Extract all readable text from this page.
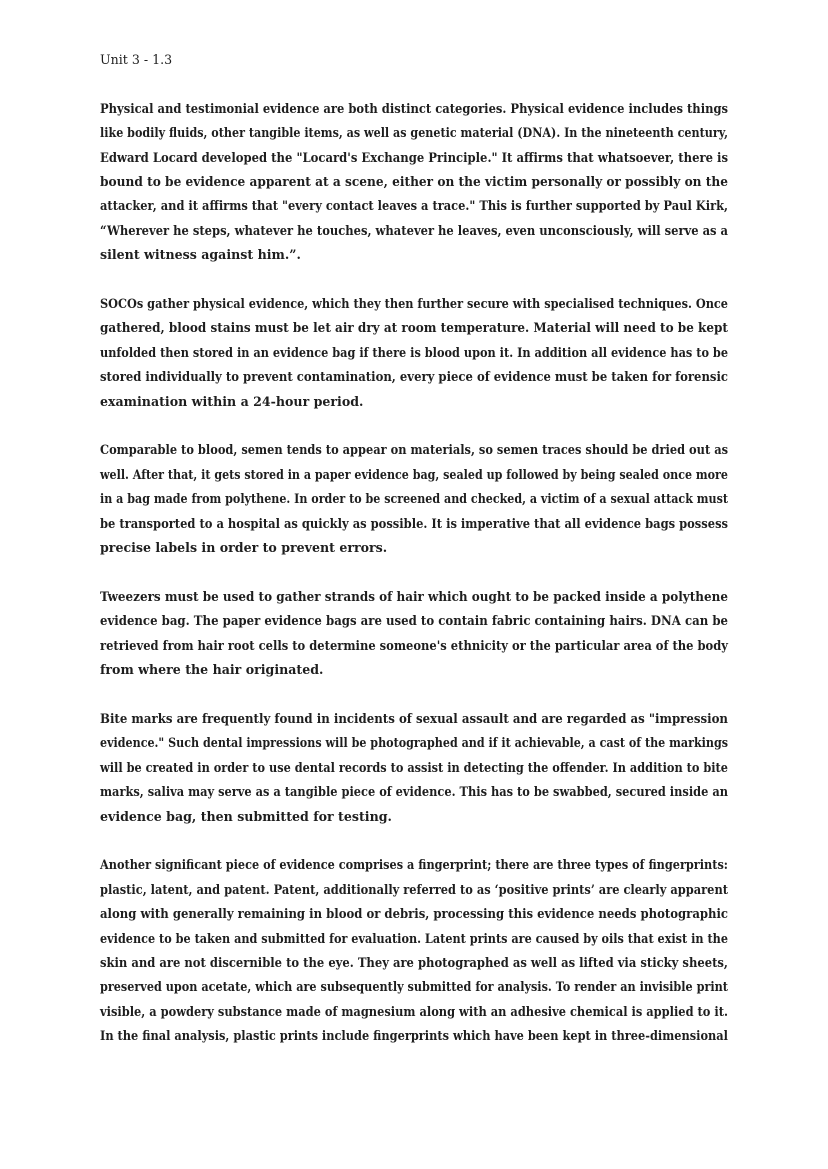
Unit 3 - 1.3
Physical and testimonial evidence are both distinct categories. Physical evidence includes things
like bodily fluids, other tangible items, as well as genetic material (DNA). In the nineteenth century,
Edward Locard developed the "Locard's Exchange Principle." It affirms that whatsoever, there is
bound to be evidence apparent at a scene, either on the victim personally or possibly on the
attacker, and it affirms that "every contact leaves a trace." This is further supported by Paul Kirk,
“Wherever he steps, whatever he touches, whatever he leaves, even unconsciously, will serve as a
silent witness against him.”.
SOCOs gather physical evidence, which they then further secure with specialised techniques. Once
gathered, blood stains must be let air dry at room temperature. Material will need to be kept
unfolded then stored in an evidence bag if there is blood upon it. In addition all evidence has to be
stored individually to prevent contamination, every piece of evidence must be taken for forensic
examination within a 24-hour period.
Comparable to blood, semen tends to appear on materials, so semen traces should be dried out as
well. After that, it gets stored in a paper evidence bag, sealed up followed by being sealed once more
in a bag made from polythene. In order to be screened and checked, a victim of a sexual attack must
be transported to a hospital as quickly as possible. It is imperative that all evidence bags possess
precise labels in order to prevent errors.
Tweezers must be used to gather strands of hair which ought to be packed inside a polythene
evidence bag. The paper evidence bags are used to contain fabric containing hairs. DNA can be
retrieved from hair root cells to determine someone's ethnicity or the particular area of the body
from where the hair originated.
Bite marks are frequently found in incidents of sexual assault and are regarded as "impression
evidence." Such dental impressions will be photographed and if it achievable, a cast of the markings
will be created in order to use dental records to assist in detecting the offender. In addition to bite
marks, saliva may serve as a tangible piece of evidence. This has to be swabbed, secured inside an
evidence bag, then submitted for testing.
Another significant piece of evidence comprises a fingerprint; there are three types of fingerprints:
plastic, latent, and patent. Patent, additionally referred to as ‘positive prints’ are clearly apparent
along with generally remaining in blood or debris, processing this evidence needs photographic
evidence to be taken and submitted for evaluation. Latent prints are caused by oils that exist in the
skin and are not discernible to the eye. They are photographed as well as lifted via sticky sheets,
preserved upon acetate, which are subsequently submitted for analysis. To render an invisible print
visible, a powdery substance made of magnesium along with an adhesive chemical is applied to it.
In the final analysis, plastic prints include fingerprints which have been kept in three-dimensional
